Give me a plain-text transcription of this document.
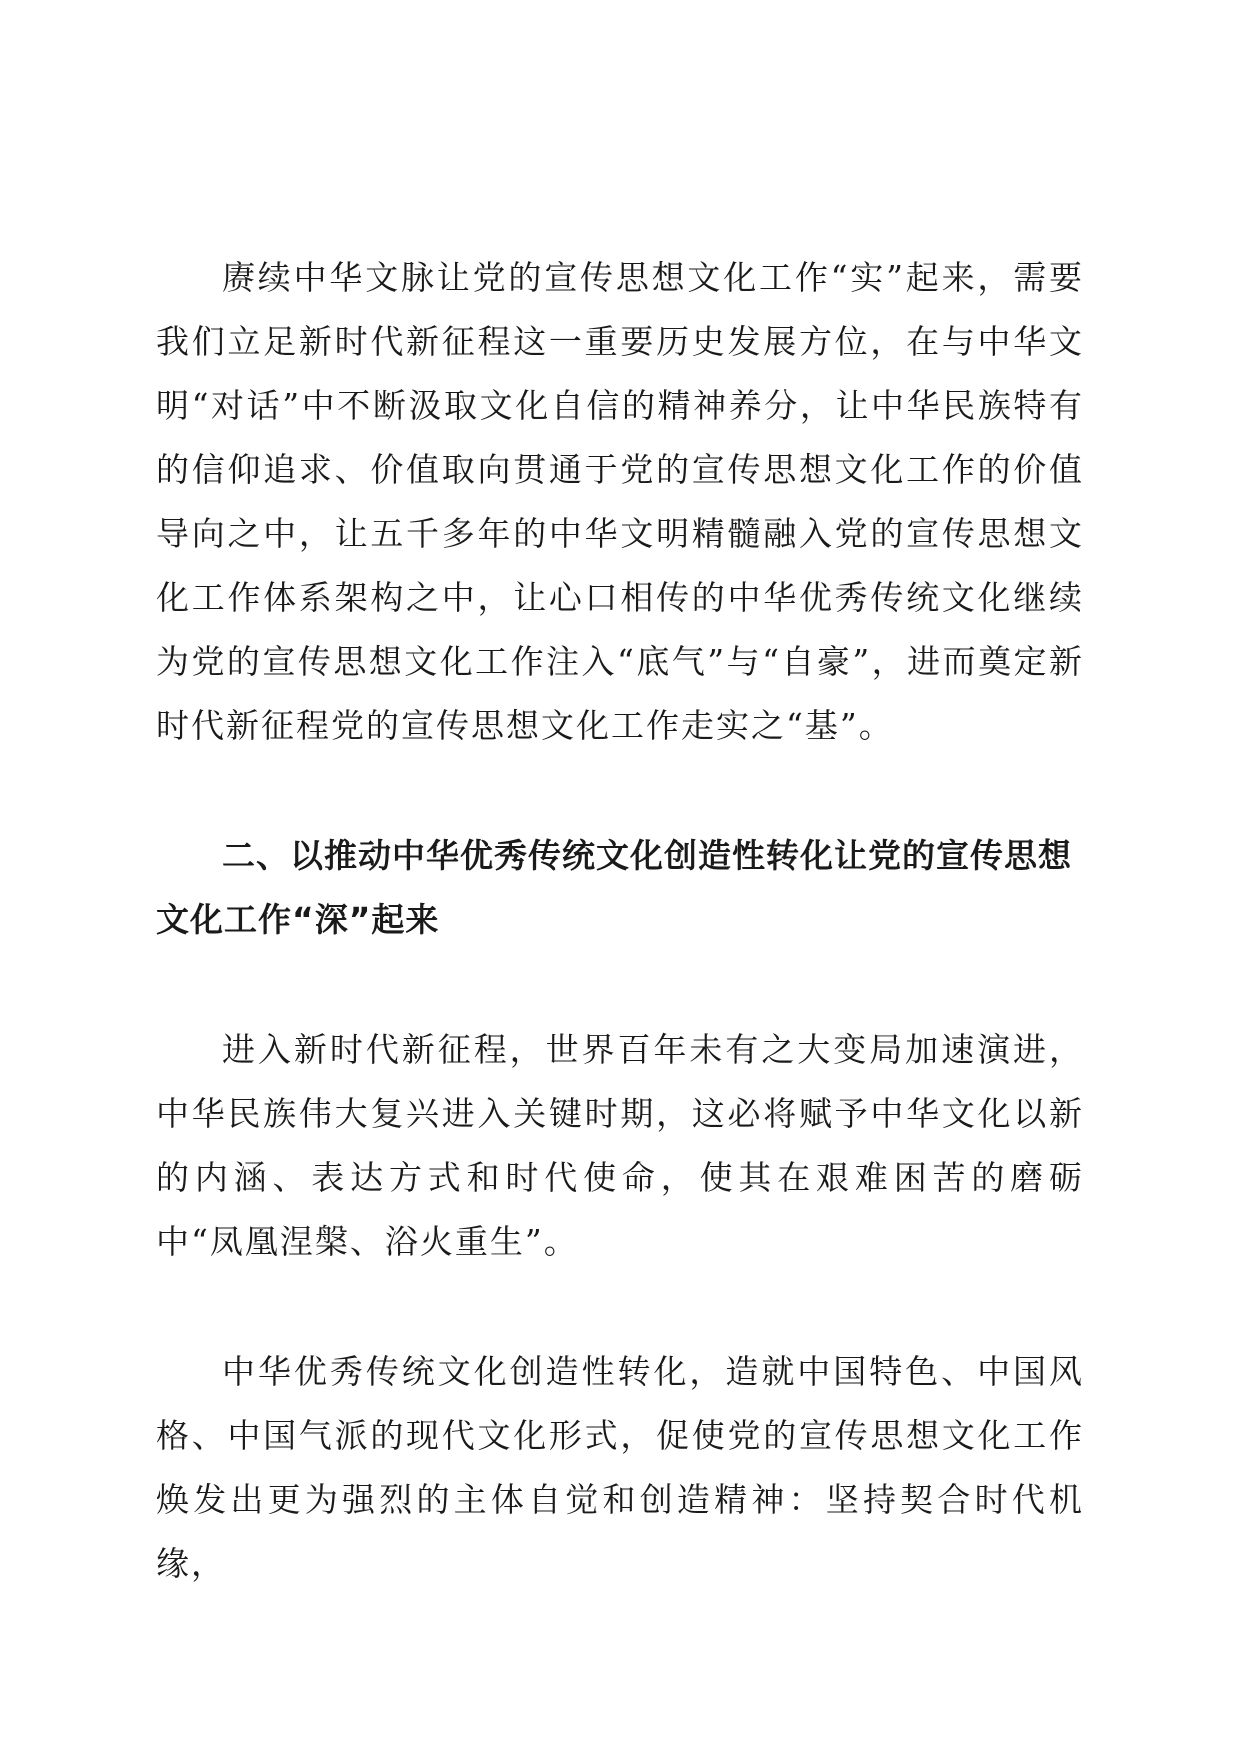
赓续中华文脉让党的宣传思想文化工作“实”起来，需要我们立足新时代新征程这一重要历史发展方位，在与中华文明“对话”中不断汲取文化自信的精神养分，让中华民族特有的信仰追求、价值取向贯通于党的宣传思想文化工作的价值导向之中，让五千多年的中华文明精髓融入党的宣传思想文化工作体系架构之中，让心口相传的中华优秀传统文化继续为党的宣传思想文化工作注入“底气”与“自豪”，进而奠定新时代新征程党的宣传思想文化工作走实之“基”。

二、以推动中华优秀传统文化创造性转化让党的宣传思想文化工作“深”起来

进入新时代新征程，世界百年未有之大变局加速演进，中华民族伟大复兴进入关键时期，这必将赋予中华文化以新的内涵、表达方式和时代使命，使其在艰难困苦的磨砺中“凤凰涅槃、浴火重生”。

中华优秀传统文化创造性转化，造就中国特色、中国风格、中国气派的现代文化形式，促使党的宣传思想文化工作焕发出更为强烈的主体自觉和创造精神：坚持契合时代机缘，
